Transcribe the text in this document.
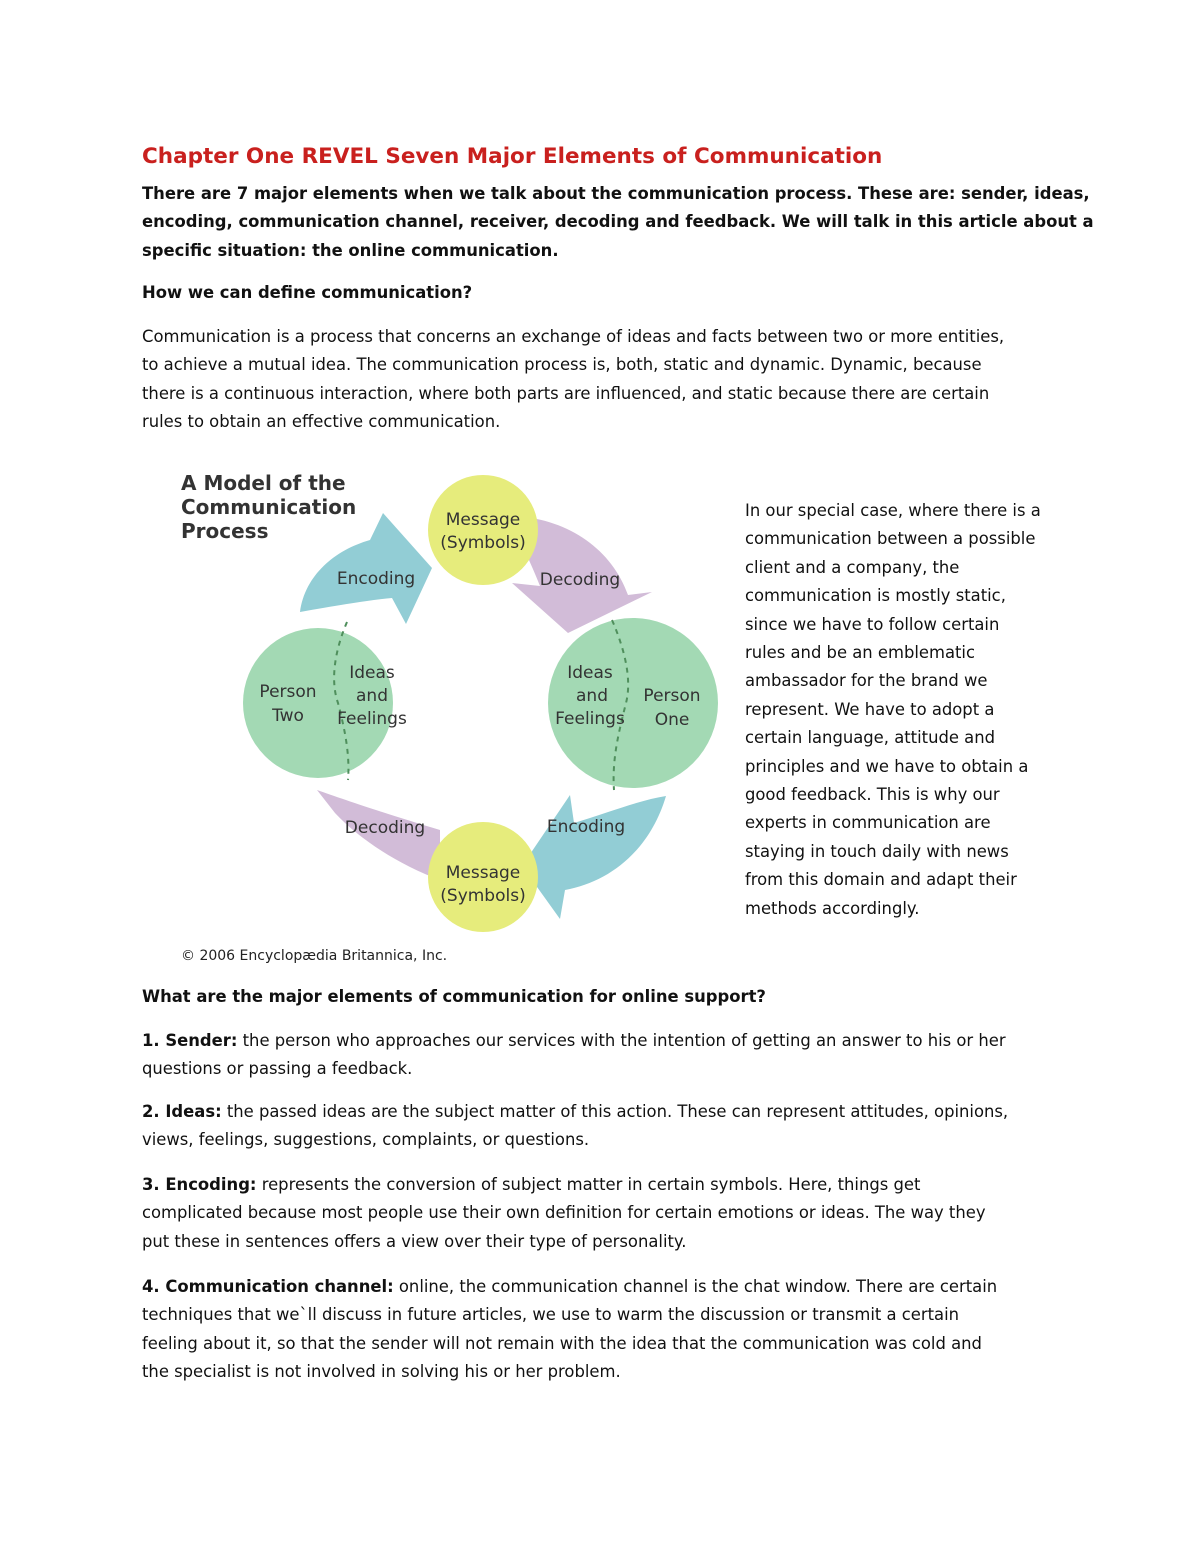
Chapter One REVEL Seven Major Elements of Communication
There are 7 major elements when we talk about the communication process. These are: sender, ideas,
encoding, communication channel, receiver, decoding and feedback. We will talk in this article about a
specific situation: the online communication.
How we can define communication?
Communication is a process that concerns an exchange of ideas and facts between two or more entities,
to achieve a mutual idea. The communication process is, both, static and dynamic. Dynamic, because
there is a continuous interaction, where both parts are influenced, and static because there are certain
rules to obtain an effective communication.
A Model of the
Communication
Process	Message
(Symbols)
Encoding	Decoding
Person
Two
Ideas
and
Feelings
Ideas
and
Feelings
Person
One
Decoding	Encoding
Message
(Symbols)
© 2006 Encyclopædia Britannica, Inc.
In our special case, where there is a
communication between a possible
client and a company, the
communication is mostly static,
since we have to follow certain
rules and be an emblematic
ambassador for the brand we
represent. We have to adopt a
certain language, attitude and
principles and we have to obtain a
good feedback. This is why our
experts in communication are
staying in touch daily with news
from this domain and adapt their
methods accordingly.
What are the major elements of communication for online support?
1. Sender: the person who approaches our services with the intention of getting an answer to his or her
questions or passing a feedback.
2. Ideas: the passed ideas are the subject matter of this action. These can represent attitudes, opinions,
views, feelings, suggestions, complaints, or questions.
3. Encoding: represents the conversion of subject matter in certain symbols. Here, things get
complicated because most people use their own definition for certain emotions or ideas. The way they
put these in sentences offers a view over their type of personality.
4. Communication channel: online, the communication channel is the chat window. There are certain
techniques that we`ll discuss in future articles, we use to warm the discussion or transmit a certain
feeling about it, so that the sender will not remain with the idea that the communication was cold and
the specialist is not involved in solving his or her problem.
